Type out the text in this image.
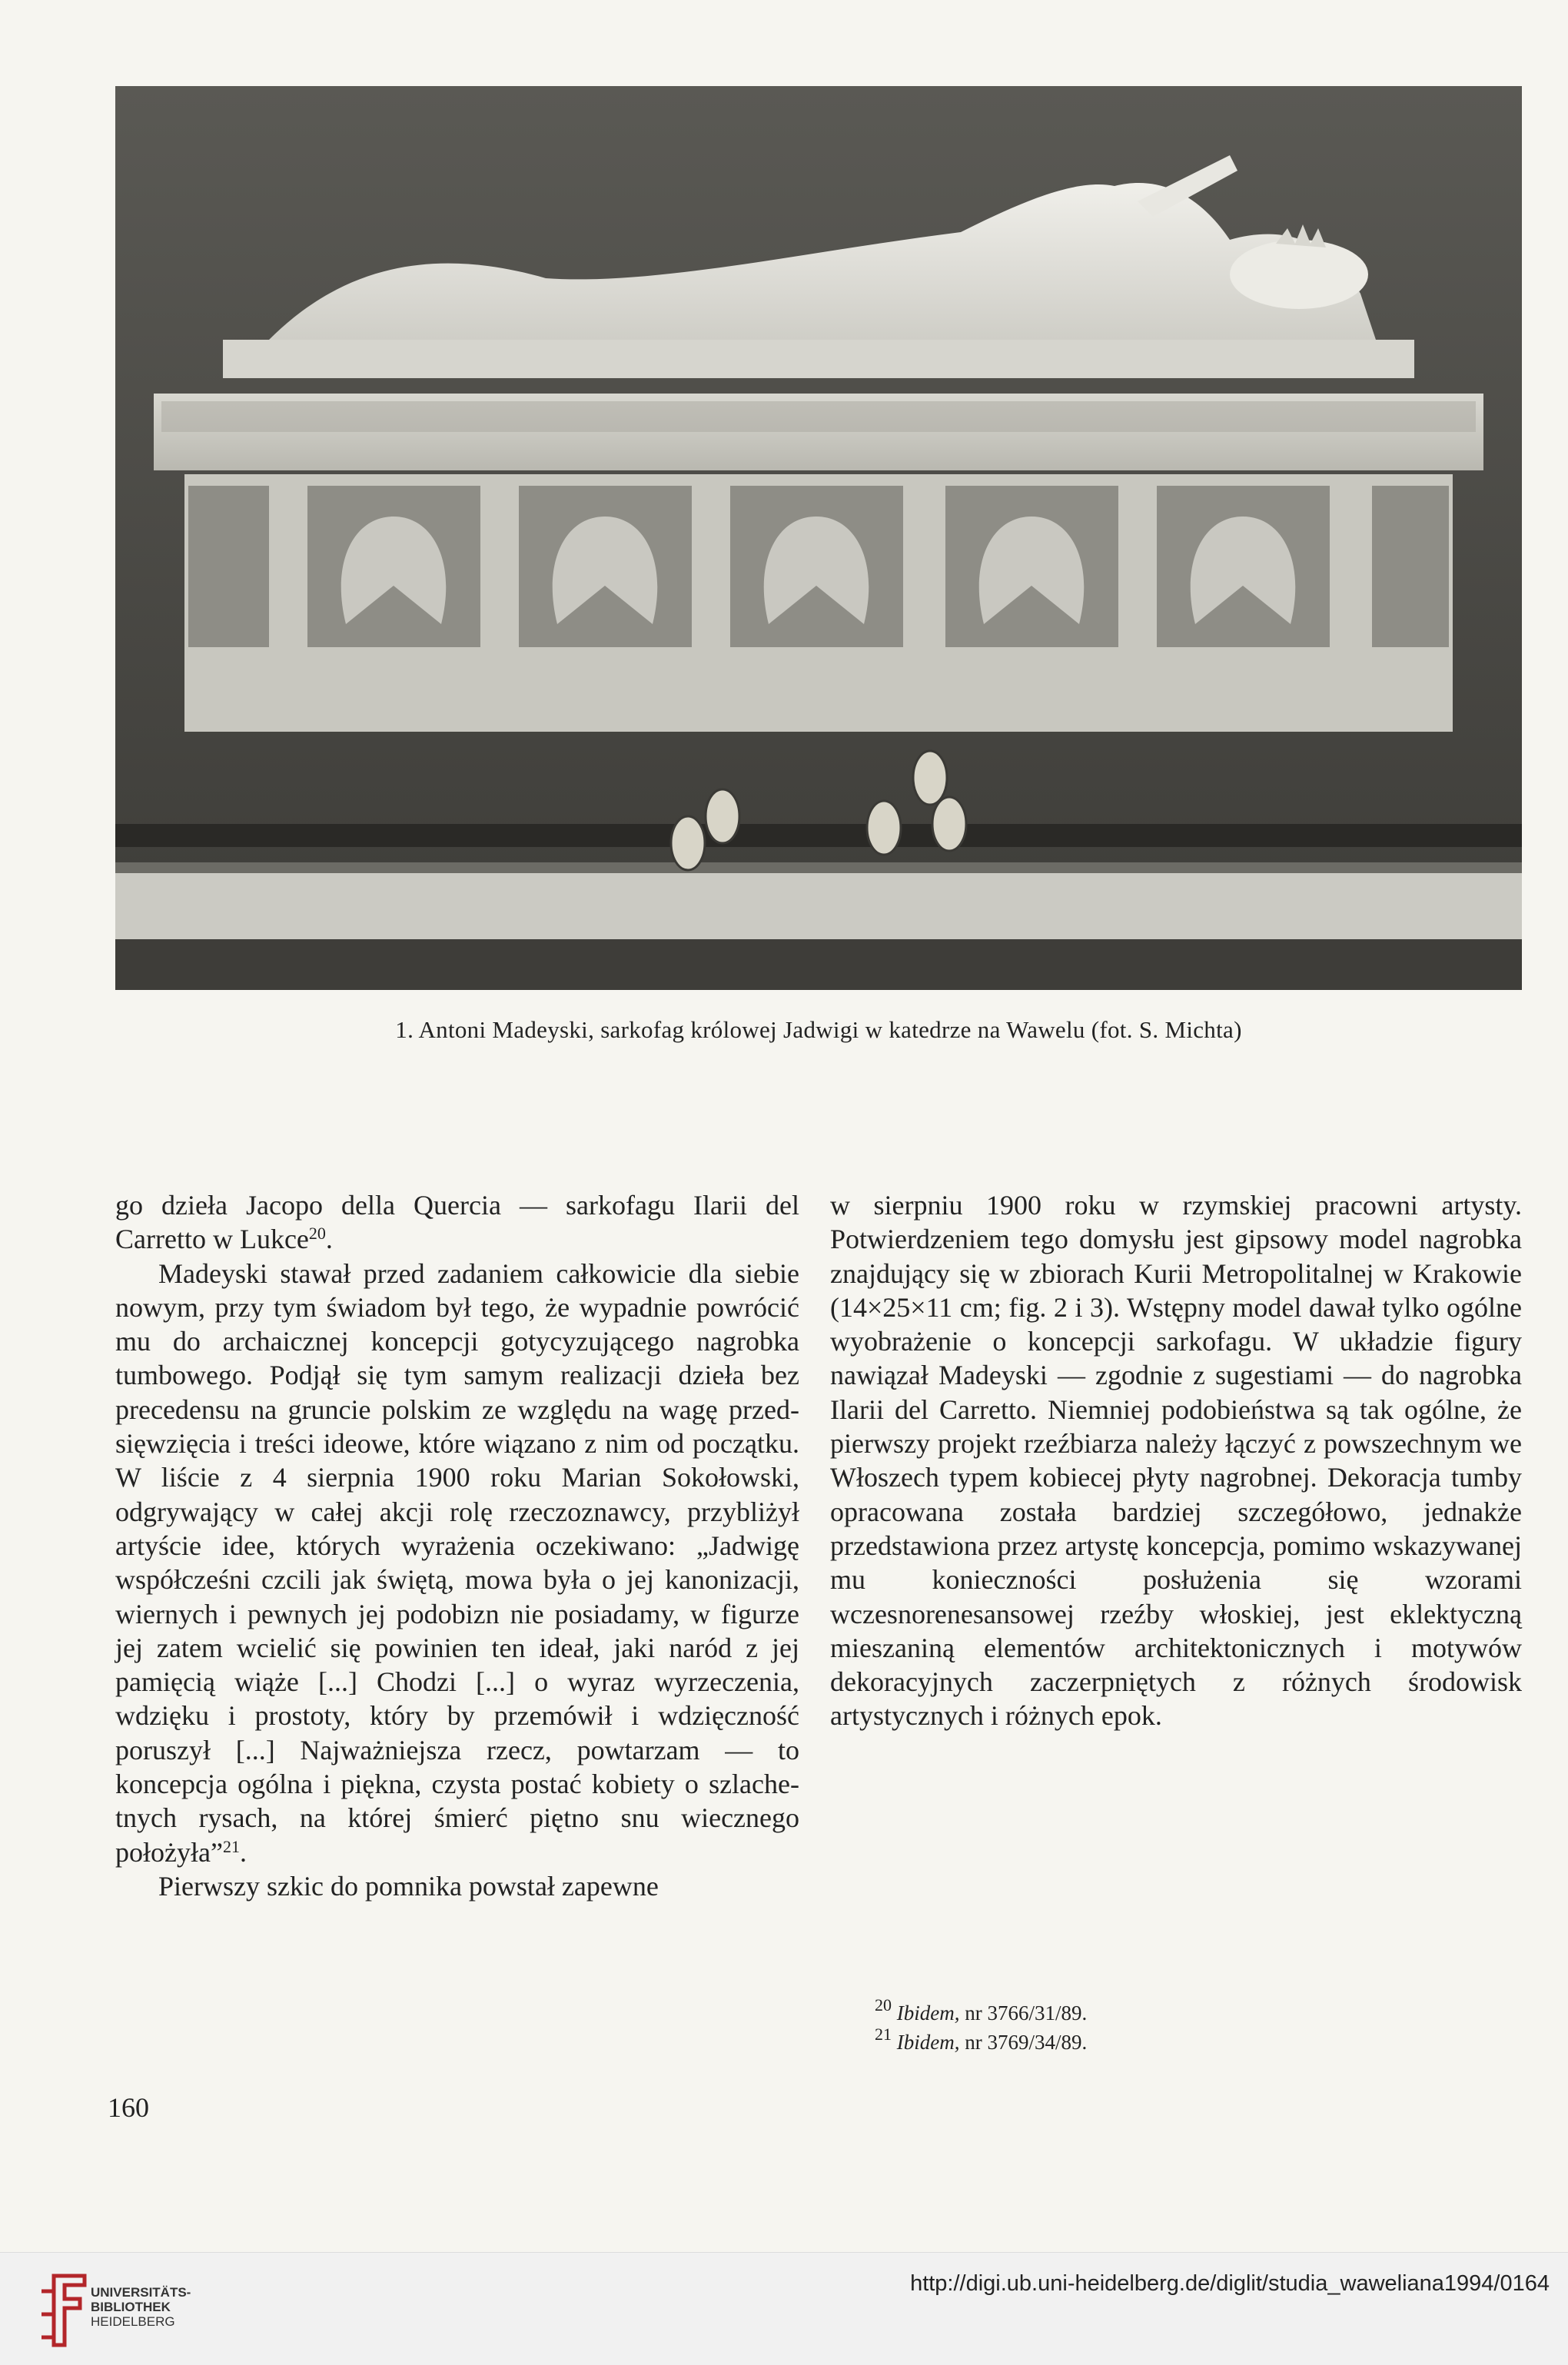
1. Antoni Madeyski, sarkofag królowej Jadwigi w katedrze na Wawelu (fot. S. Michta)

go dzieła Jacopo della Quercia — sarkofagu Ilarii del Carretto w Lukce$^{20}$.

Madeyski stawał przed zadaniem całkowicie dla siebie nowym, przy tym świadom był tego, że wypadnie powrócić mu do archaicznej koncepcji gotycyzującego nagrobka tumbowego. Podjął się tym samym realizacji dzieła bez precedensu na gruncie polskim ze względu na wagę przedsięwzięcia i treści ideowe, które wiązano z nim od początku. W liście z 4 sierpnia 1900 roku Marian Sokołowski, odgrywający w całej akcji rolę rzeczoznawcy, przybliżył artyście idee, których wyrażenia oczekiwano: „Jadwigę współcześni czcili jak świętą, mowa była o jej kanonizacji, wiernych i pewnych jej podobizn nie posiadamy, w figurze jej zatem wcielić się powinien ten ideał, jaki naród z jej pamięcią wiąże [...] Chodzi [...] o wyraz wyrzeczenia, wdzięku i prostoty, który by przemówił i wdzięczność poruszył [...] Najważniejsza rzecz, powtarzam — to koncepcja ogólna i piękna, czysta postać kobiety o szlachetnych rysach, na której śmierć piętno snu wiecznego położyła”$^{21}$.

Pierwszy szkic do pomnika powstał zapewne

w sierpniu 1900 roku w rzymskiej pracowni artysty. Potwierdzeniem tego domysłu jest gipsowy model nagrobka znajdujący się w zbiorach Kurii Metropolitalnej w Krakowie (14×25×11 cm; fig. 2 i 3). Wstępny model dawał tylko ogólne wyobrażenie o koncepcji sarkofagu. W układzie figury nawiązał Madeyski — zgodnie z sugestiami — do nagrobka Ilarii del Carretto. Niemniej podobieństwa są tak ogólne, że pierwszy projekt rzeźbiarza należy łączyć z powszechnym we Włoszech typem kobiecej płyty nagrobnej. Dekoracja tumby opracowana została bardziej szczegółowo, jednakże przedstawiona przez artystę koncepcja, pomimo wskazywanej mu konieczności posłużenia się wzorami wczesnorenesansowej rzeźby włoskiej, jest eklektyczną mieszaniną elementów architektonicznych i motywów dekoracyjnych zaczerpniętych z różnych środowisk artystycznych i różnych epok.

$^{20}$ Ibidem, nr 3766/31/89.
$^{21}$ Ibidem, nr 3769/34/89.
160
UNIVERSITÄTS-
BIBLIOTHEK
HEIDELBERG
http://digi.ub.uni-heidelberg.de/diglit/studia_waweliana1994/0164
